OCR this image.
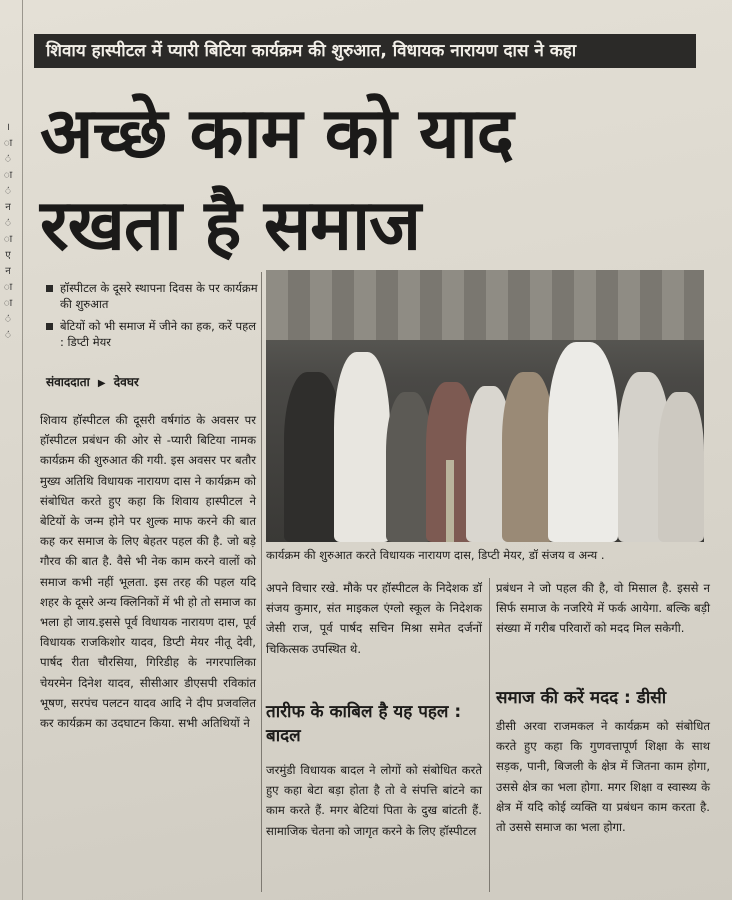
।
ा
ं
ा
ं
न
ं
ा
ए
न
ा
ा
ं
ं
शिवाय हास्पीटल में प्यारी बिटिया कार्यक्रम की शुरुआत, विधायक नारायण दास ने कहा
अच्छे काम को याद
रखता है समाज
हॉस्पीटल के दूसरे स्थापना दिवस के पर कार्यक्रम की शुरुआत
बेटियों को भी समाज में जीने का हक, करें पहल : डिप्टी मेयर
संवाददाता ▶ देवघर
कार्यक्रम की शुरुआत करते विधायक नारायण दास, डिप्टी मेयर, डॉ संजय व अन्य .
शिवाय हॉस्पीटल की दूसरी वर्षगांठ के अवसर पर हॉस्पीटल प्रबंधन की ओर से -प्यारी बिटिया नामक कार्यक्रम की शुरुआत की गयी. इस अवसर पर बतौर मुख्य अतिथि विधायक नारायण दास ने कार्यक्रम को संबोधित करते हुए कहा कि शिवाय हास्पीटल ने बेटियों के जन्म होने पर शुल्क माफ करने की बात कह कर समाज के लिए बेहतर पहल की है. जो बड़े गौरव की बात है. वैसे भी नेक काम करने वालों को समाज कभी नहीं भूलता. इस तरह की पहल यदि शहर के दूसरे अन्य क्लिनिकों में भी हो तो समाज का भला हो जाय.इससे पूर्व विधायक नारायण दास, पूर्व विधायक राजकिशोर यादव, डिप्टी मेयर नीतू देवी, पार्षद रीता चौरसिया, गिरिडीह के नगरपालिका चेयरमेन दिनेश यादव, सीसीआर डीएसपी रविकांत भूषण, सरपंच पलटन यादव आदि ने दीप प्रजवलित कर कार्यक्रम का उदघाटन किया. सभी अतिथियों ने
अपने विचार रखे. मौके पर हॉस्पीटल के निदेशक डॉ संजय कुमार, संत माइकल एंग्लो स्कूल के निदेशक जेसी राज, पूर्व पार्षद सचिन मिश्रा समेत दर्जनों चिकित्सक उपस्थित थे.
तारीफ के काबिल है यह पहल : बादल
जरमुंडी विधायक बादल ने लोगों को संबोधित करते हुए कहा बेटा बड़ा होता है तो वे संपत्ति बांटने का काम करते हैं. मगर बेटियां पिता के दुख बांटती हैं. सामाजिक चेतना को जागृत करने के लिए हॉस्पीटल
प्रबंधन ने जो पहल की है, वो मिसाल है. इससे न सिर्फ समाज के नजरिये में फर्क आयेगा. बल्कि बड़ी संख्या में गरीब परिवारों को मदद मिल सकेगी.
समाज की करें मदद : डीसी
डीसी अरवा राजमकल ने कार्यक्रम को संबोधित करते हुए कहा कि गुणवत्तापूर्ण शिक्षा के साथ सड़क, पानी, बिजली के क्षेत्र में जितना काम होगा, उससे क्षेत्र का भला होगा. मगर शिक्षा व स्वास्थ्य के क्षेत्र में यदि कोई व्यक्ति या प्रबंधन काम करता है. तो उससे समाज का भला होगा.
